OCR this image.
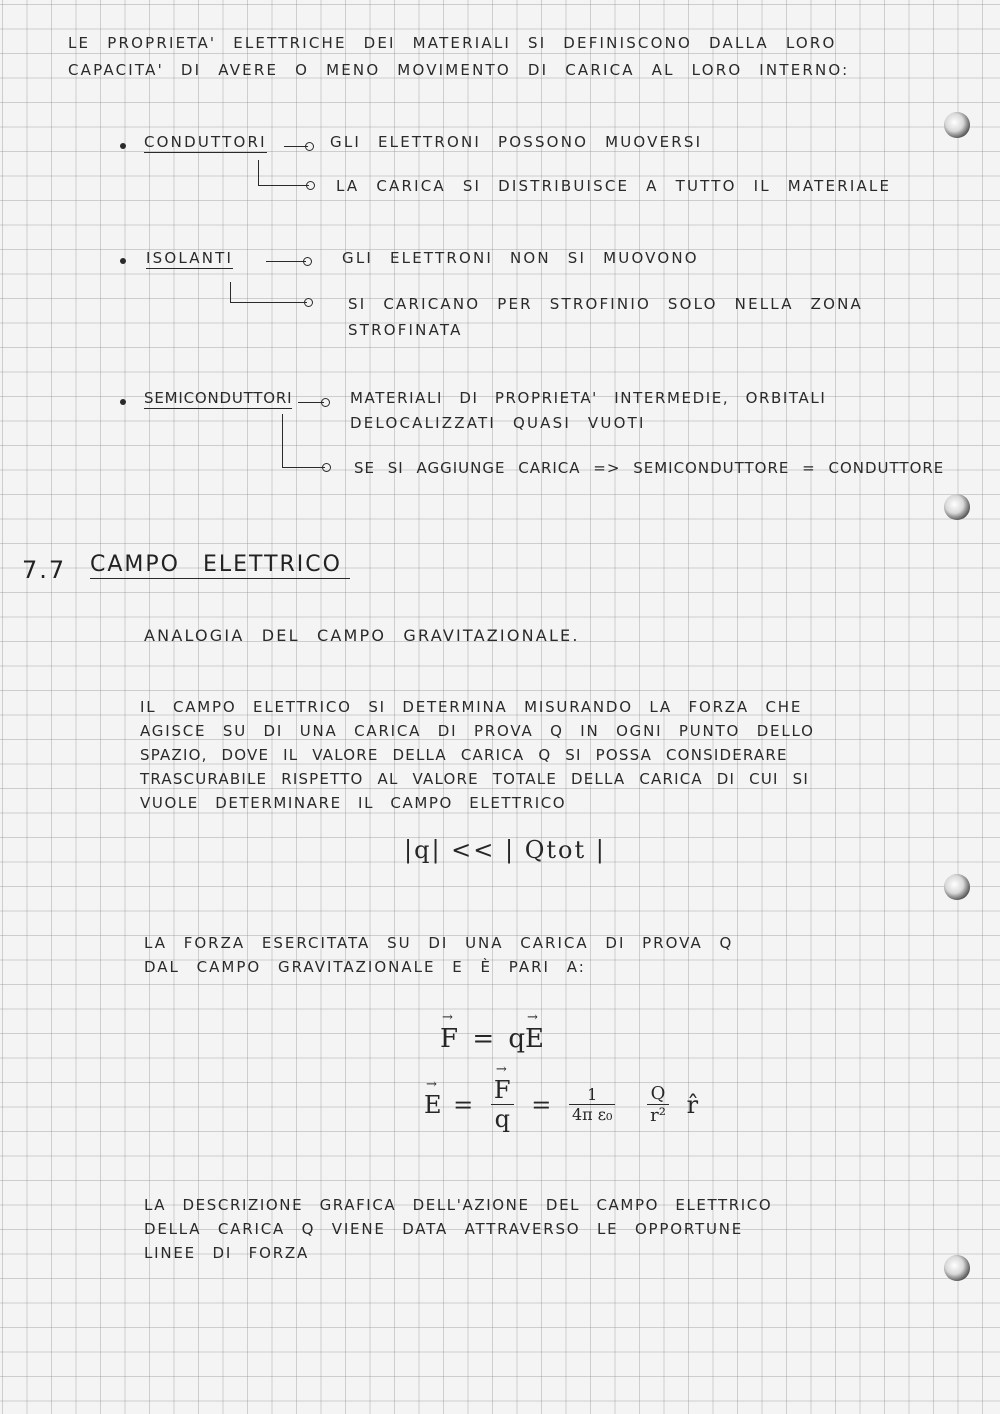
LE PROPRIETA' ELETTRICHE DEI MATERIALI SI DEFINISCONO DALLA LORO
CAPACITA' DI AVERE O MENO MOVIMENTO DI CARICA AL LORO INTERNO:
CONDUTTORI	GLI ELETTRONI POSSONO MUOVERSI
LA CARICA SI DISTRIBUISCE A TUTTO IL MATERIALE
ISOLANTI	GLI ELETTRONI NON SI MUOVONO
SI CARICANO PER STROFINIO SOLO NELLA ZONA
STROFINATA
SEMICONDUTTORI	MATERIALI DI PROPRIETA' INTERMEDIE, ORBITALI
DELOCALIZZATI QUASI VUOTI
SE SI AGGIUNGE CARICA => SEMICONDUTTORE = CONDUTTORE
7.7 CAMPO ELETTRICO
ANALOGIA DEL CAMPO GRAVITAZIONALE.
IL CAMPO ELETTRICO SI DETERMINA MISURANDO LA FORZA CHE
AGISCE SU DI UNA CARICA DI PROVA Q IN OGNI PUNTO DELLO
SPAZIO, DOVE IL VALORE DELLA CARICA Q SI POSSA CONSIDERARE
TRASCURABILE RISPETTO AL VALORE TOTALE DELLA CARICA DI CUI SI
VUOLE DETERMINARE IL CAMPO ELETTRICO
|q| << | Qtot |
LA FORZA ESERCITATA SU DI UNA CARICA DI PROVA Q
DAL CAMPO GRAVITAZIONALE E È PARI A:
→ F = q→ E
→ E =
→ $\frac{F}{q} = \frac{1}{\text{4π ε₀}}$
$\frac{Q}{\text{r²}}$ r̂
LA DESCRIZIONE GRAFICA DELL'AZIONE DEL CAMPO ELETTRICO
DELLA CARICA Q VIENE DATA ATTRAVERSO LE OPPORTUNE
LINEE DI FORZA
